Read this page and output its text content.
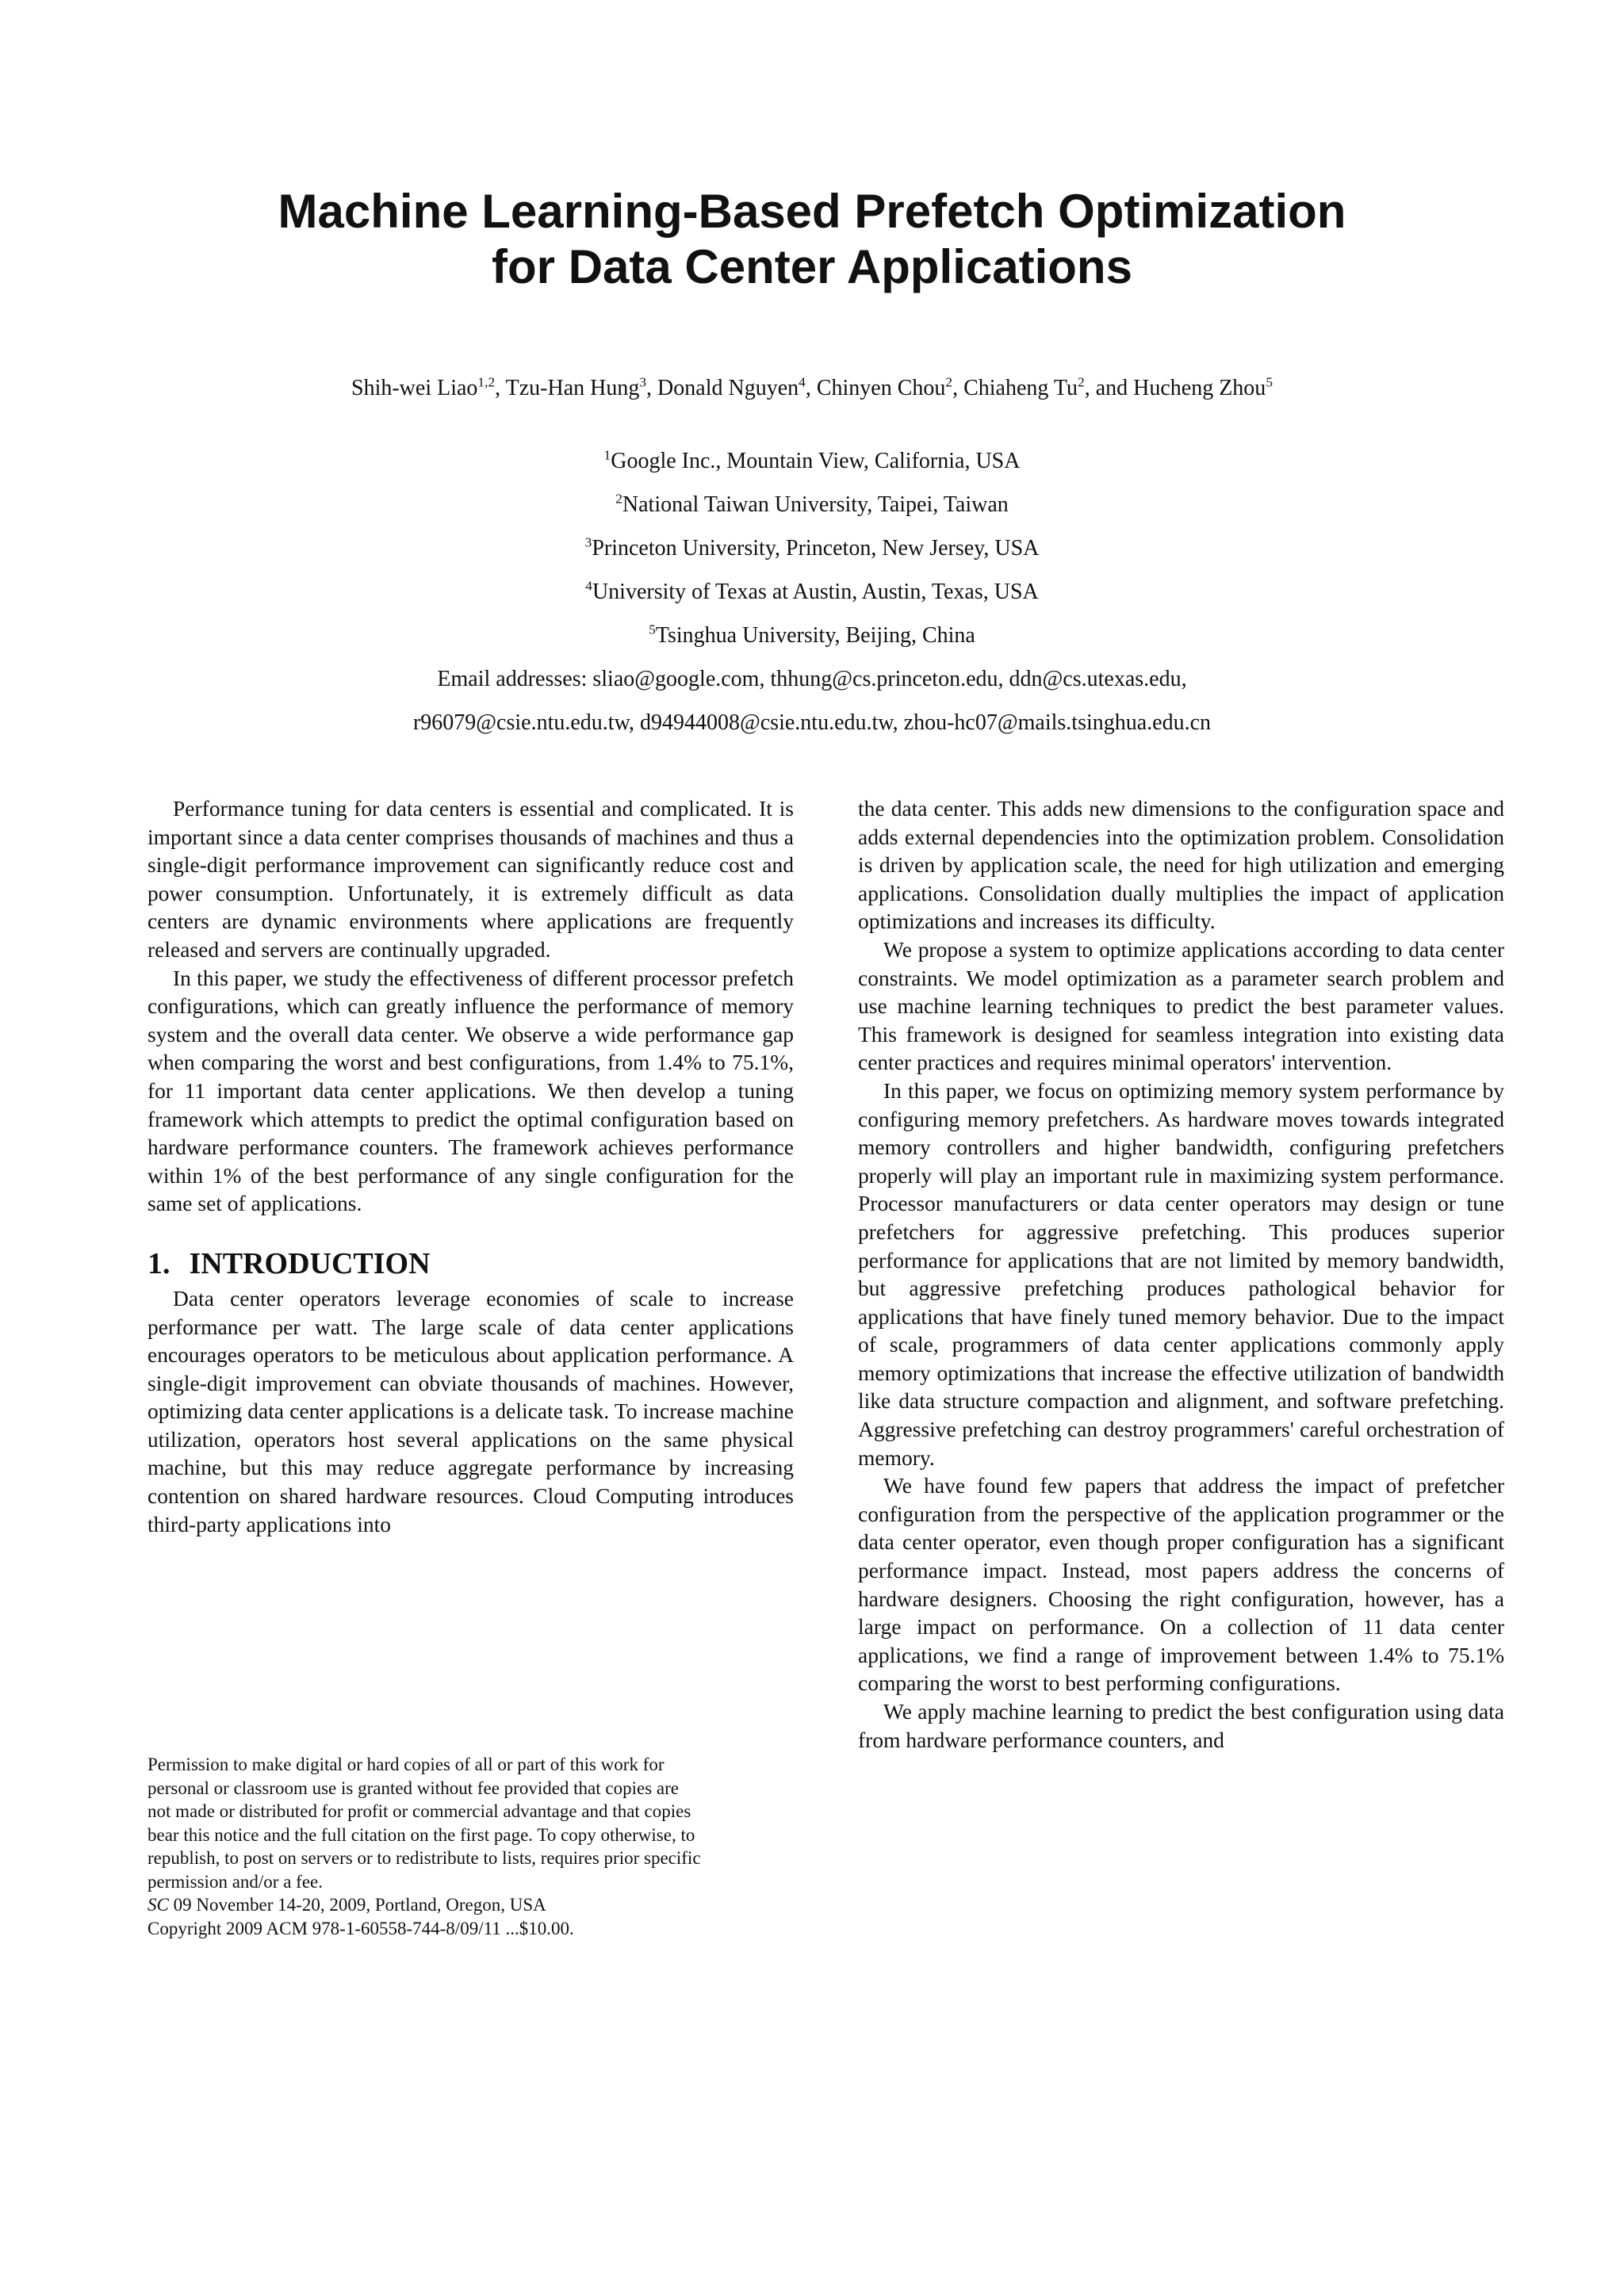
Machine Learning-Based Prefetch Optimization
for Data Center Applications
Shih-wei Liao$^{1,2}$, Tzu-Han Hung$^3$, Donald Nguyen$^4$, Chinyen Chou$^2$, Chiaheng Tu$^2$, and Hucheng Zhou$^5$
$^1$Google Inc., Mountain View, California, USA
$^2$National Taiwan University, Taipei, Taiwan
$^3$Princeton University, Princeton, New Jersey, USA
$^4$University of Texas at Austin, Austin, Texas, USA
$^5$Tsinghua University, Beijing, China
Email addresses: sliao@google.com, thhung@cs.princeton.edu, ddn@cs.utexas.edu,
r96079@csie.ntu.edu.tw, d94944008@csie.ntu.edu.tw, zhou-hc07@mails.tsinghua.edu.cn

Performance tuning for data centers is essential and complicated. It is important since a data center comprises thousands of machines and thus a single-digit performance improvement can significantly reduce cost and power consumption. Unfortunately, it is extremely difficult as data centers are dynamic environments where applications are frequently released and servers are continually upgraded.

In this paper, we study the effectiveness of different processor prefetch configurations, which can greatly influence the performance of memory system and the overall data center. We observe a wide performance gap when comparing the worst and best configurations, from 1.4% to 75.1%, for 11 important data center applications. We then develop a tuning framework which attempts to predict the optimal configuration based on hardware performance counters. The framework achieves performance within 1% of the best performance of any single configuration for the same set of applications.

1. INTRODUCTION

Data center operators leverage economies of scale to increase performance per watt. The large scale of data center applications encourages operators to be meticulous about application performance. A single-digit improvement can obviate thousands of machines. However, optimizing data center applications is a delicate task. To increase machine utilization, operators host several applications on the same physical machine, but this may reduce aggregate performance by increasing contention on shared hardware resources. Cloud Computing introduces third-party applications into

Permission to make digital or hard copies of all or part of this work for
personal or classroom use is granted without fee provided that copies are
not made or distributed for profit or commercial advantage and that copies
bear this notice and the full citation on the first page. To copy otherwise, to
republish, to post on servers or to redistribute to lists, requires prior specific
permission and/or a fee.
SC 09 November 14-20, 2009, Portland, Oregon, USA
Copyright 2009 ACM 978-1-60558-744-8/09/11 ...$10.00.

the data center. This adds new dimensions to the configuration space and adds external dependencies into the optimization problem. Consolidation is driven by application scale, the need for high utilization and emerging applications. Consolidation dually multiplies the impact of application optimizations and increases its difficulty.

We propose a system to optimize applications according to data center constraints. We model optimization as a parameter search problem and use machine learning techniques to predict the best parameter values. This framework is designed for seamless integration into existing data center practices and requires minimal operators' intervention.

In this paper, we focus on optimizing memory system performance by configuring memory prefetchers. As hardware moves towards integrated memory controllers and higher bandwidth, configuring prefetchers properly will play an important rule in maximizing system performance. Processor manufacturers or data center operators may design or tune prefetchers for aggressive prefetching. This produces superior performance for applications that are not limited by memory bandwidth, but aggressive prefetching produces pathological behavior for applications that have finely tuned memory behavior. Due to the impact of scale, programmers of data center applications commonly apply memory optimizations that increase the effective utilization of bandwidth like data structure compaction and alignment, and software prefetching. Aggressive prefetching can destroy programmers' careful orchestration of memory.

We have found few papers that address the impact of prefetcher configuration from the perspective of the application programmer or the data center operator, even though proper configuration has a significant performance impact. Instead, most papers address the concerns of hardware designers. Choosing the right configuration, however, has a large impact on performance. On a collection of 11 data center applications, we find a range of improvement between 1.4% to 75.1% comparing the worst to best performing configurations.

We apply machine learning to predict the best configuration using data from hardware performance counters, and
